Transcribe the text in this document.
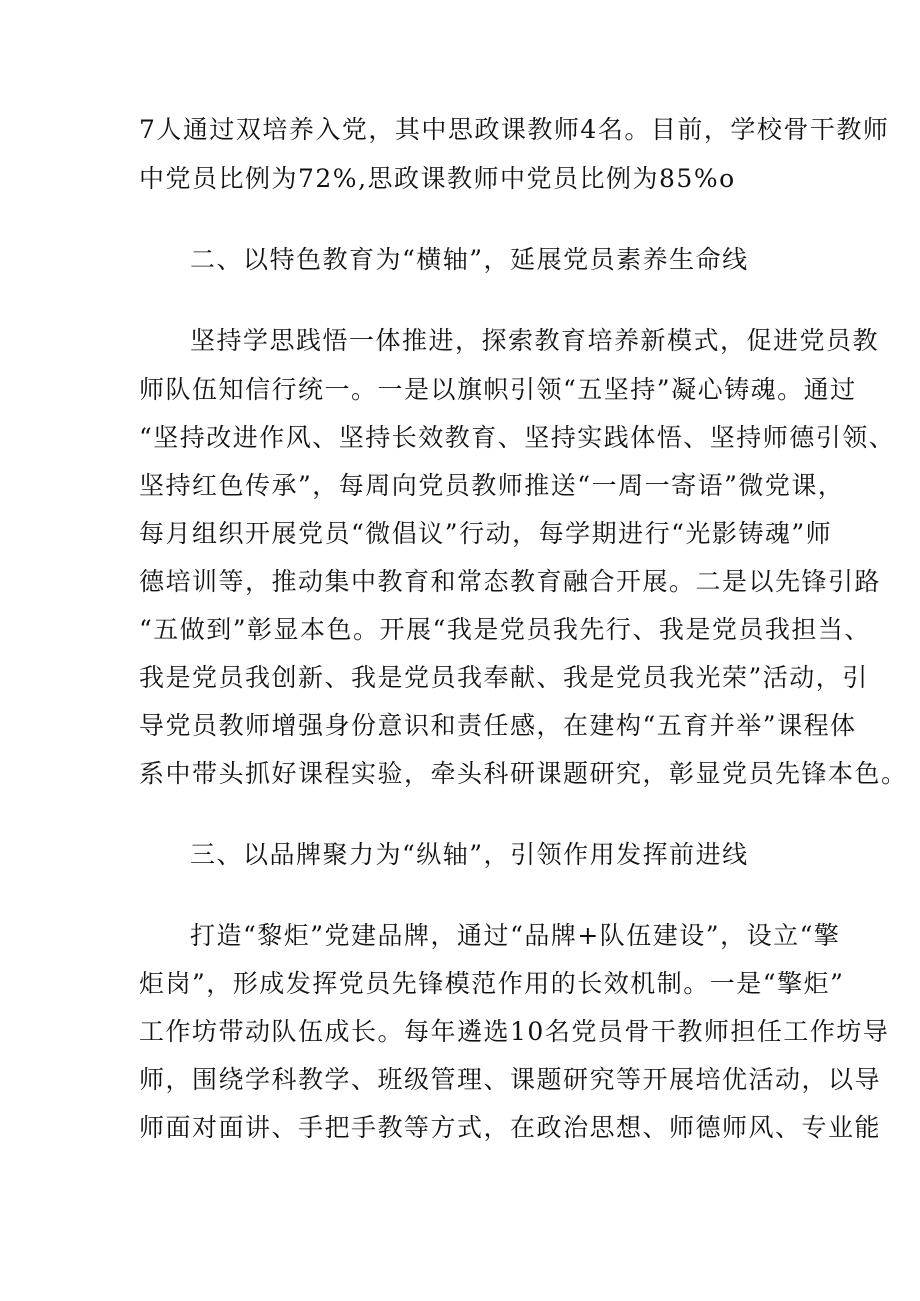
7人通过双培养入党，其中思政课教师4名。目前，学校骨干教师
中党员比例为72%,思政课教师中党员比例为85%o
二、以特色教育为“横轴”，延展党员素养生命线
坚持学思践悟一体推进，探索教育培养新模式，促进党员教
师队伍知信行统一。一是以旗帜引领“五坚持”凝心铸魂。通过
“坚持改进作风、坚持长效教育、坚持实践体悟、坚持师德引领、
坚持红色传承”，每周向党员教师推送“一周一寄语”微党课，
每月组织开展党员“微倡议”行动，每学期进行“光影铸魂”师
德培训等，推动集中教育和常态教育融合开展。二是以先锋引路
“五做到”彰显本色。开展“我是党员我先行、我是党员我担当、
我是党员我创新、我是党员我奉献、我是党员我光荣”活动，引
导党员教师增强身份意识和责任感，在建构“五育并举”课程体
系中带头抓好课程实验，牵头科研课题研究，彰显党员先锋本色。
三、以品牌聚力为“纵轴”，引领作用发挥前进线
打造“黎炬”党建品牌，通过“品牌+队伍建设”，设立“擎
炬岗”，形成发挥党员先锋模范作用的长效机制。一是“擎炬”
工作坊带动队伍成长。每年遴选10名党员骨干教师担任工作坊导
师，围绕学科教学、班级管理、课题研究等开展培优活动，以导
师面对面讲、手把手教等方式，在政治思想、师德师风、专业能
